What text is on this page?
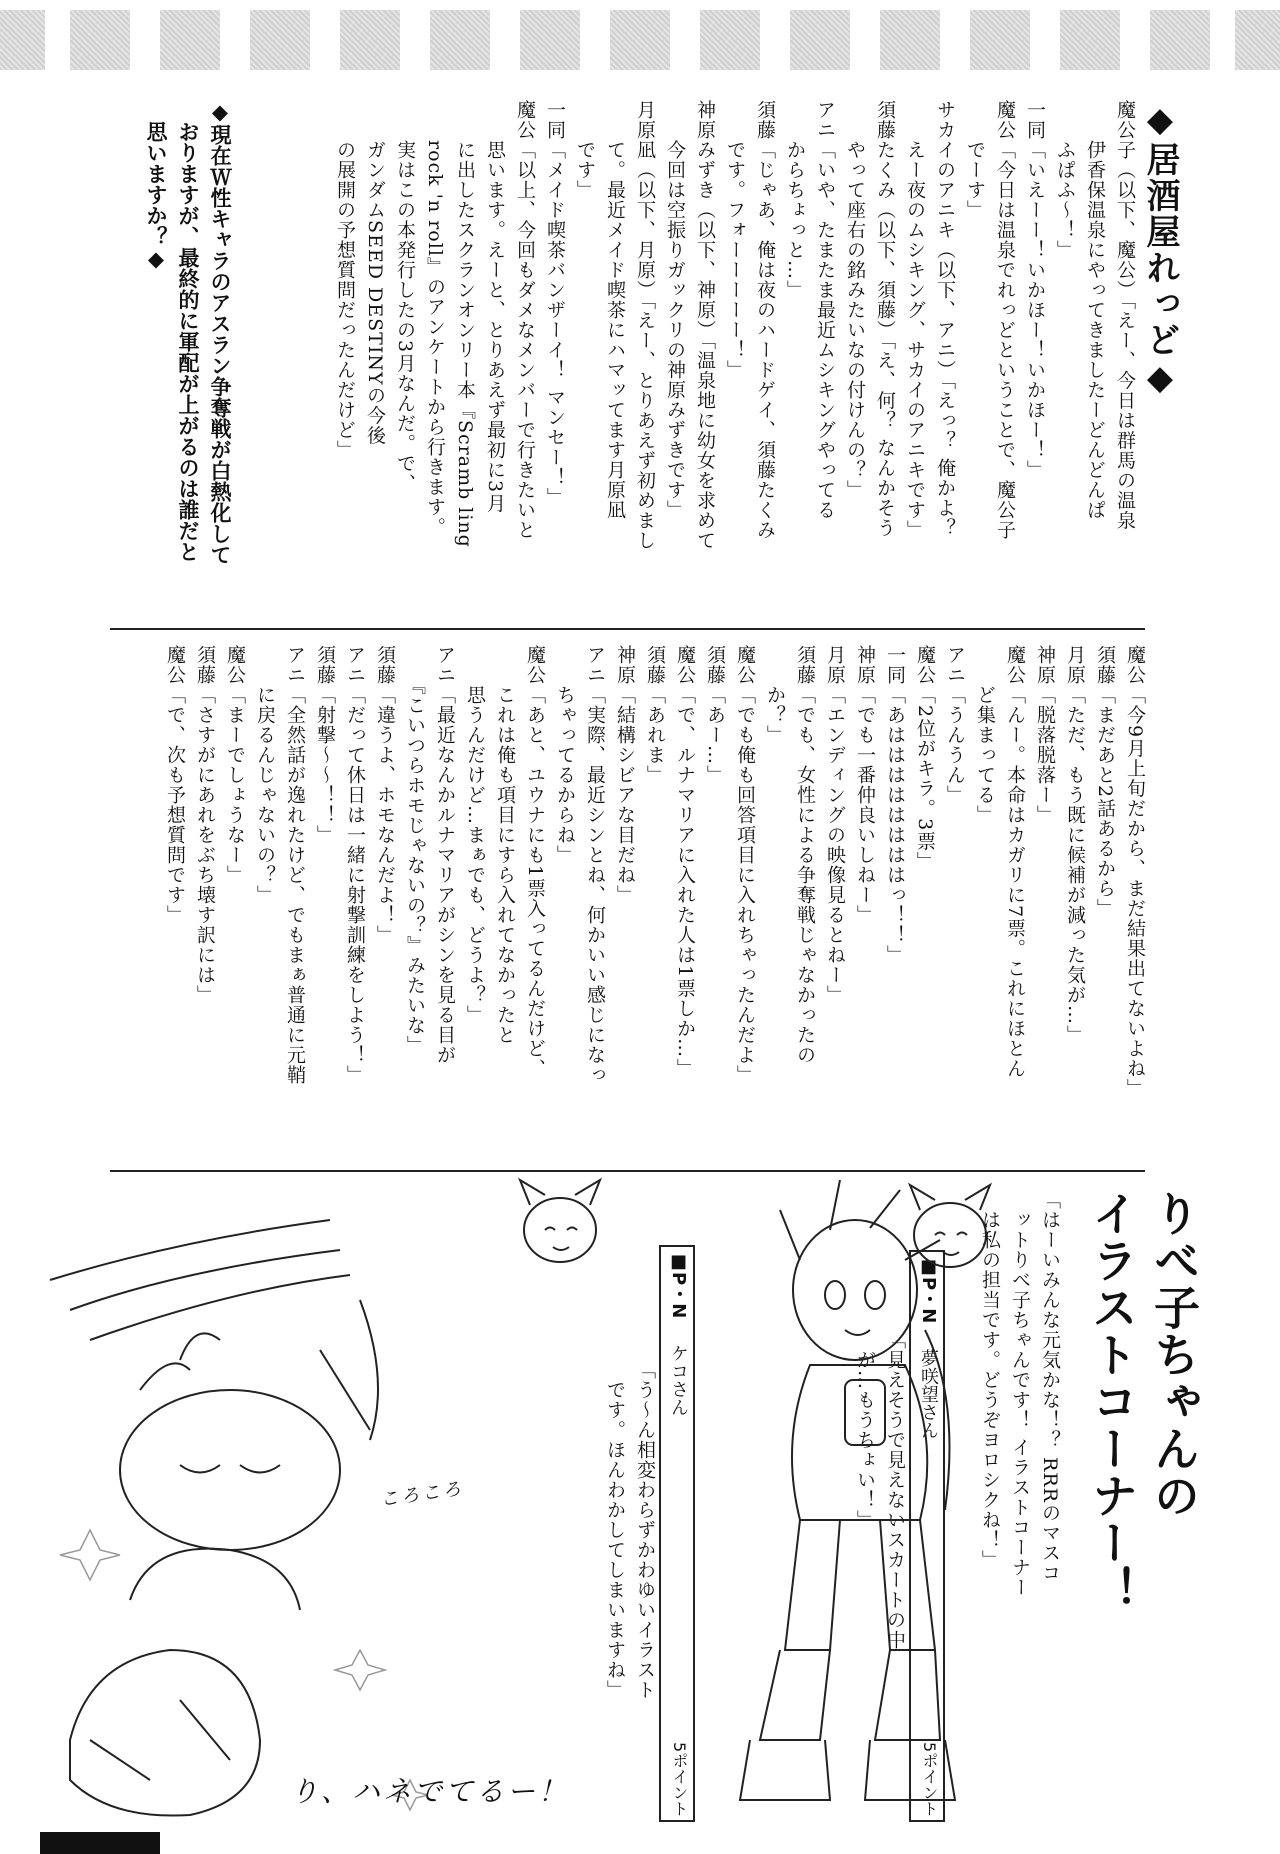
◆居酒屋れっど◆
魔公子（以下、魔公）「えー、今日は群馬の温泉
　　伊香保温泉にやってきましたーどんどんぱ
　　ふぱふ〜！」
一同「いえーー！いかほー！いかほー！」
魔公「今日は温泉でれっどということで、魔公子
　　でーす」
サカイのアニキ（以下、アニ）「えっ？ 俺かよ？
　　えー夜のムシキング、サカイのアニキです」
須藤たくみ（以下、須藤）「え、何？ なんかそう
　　やって座右の銘みたいなの付けんの？」
アニ「いや、たまたま最近ムシキングやってる
　　からちょっと…」
須藤「じゃあ、俺は夜のハードゲイ、須藤たくみ
　　です。フォーーーーー！」
神原みずき（以下、神原）「温泉地に幼女を求めて
　　今回は空振りガックリの神原みずきです」
月原凪（以下、月原）「えー、とりあえず初めまし
　　て。最近メイド喫茶にハマッてます月原凪
　　です」
一同「メイド喫茶バンザーイ！ マンセー！」
魔公「以上、今回もダメなメンバーで行きたいと
　　思います。えーと、とりあえず最初に3月
　　に出したスクランオンリー本『Scramb ling
　　rock 'n roll』のアンケートから行きます。
　　実はこの本発行したの3月なんだ。で、
　　ガンダムSEED DESTINYの今後
　　の展開の予想質問だったんだけど」
◆現在Ｗ性キャラのアスラン争奪戦が白熱化して
　おりますが、最終的に軍配が上がるのは誰だと
　思いますか？◆
魔公「今9月上旬だから、まだ結果出てないよね」
須藤「まだあと2話あるから」
月原「ただ、もう既に候補が減った気が…」
神原「脱落脱落ー」
魔公「んー。本命はカガリに7票。これにほとん
　　ど集まってる」
アニ「うんうん」
魔公「2位がキラ。3票」
一同「あははははははははっ！！」
神原「でも一番仲良いしねー」
月原「エンディングの映像見るとねー」
須藤「でも、女性による争奪戦じゃなかったの
　　か？」
魔公「でも俺も回答項目に入れちゃったんだよ」
須藤「あー…」
魔公「で、ルナマリアに入れた人は1票しか…」
須藤「あれま」
神原「結構シビアな目だね」
アニ「実際、最近シンとね、何かいい感じになっ
　　ちゃってるからね」
魔公「あと、ユウナにも1票入ってるんだけど、
　　これは俺も項目にすら入れてなかったと
　　思うんだけど…まぁでも、どうよ？」
アニ「最近なんかルナマリアがシンを見る目が
　　『こいつらホモじゃないの？』みたいな」
須藤「違うよ、ホモなんだよ！」
アニ「だって休日は一緒に射撃訓練をしよう！」
須藤「射撃〜〜！！」
アニ「全然話が逸れたけど、でもまぁ普通に元鞘
　　に戻るんじゃないの？」
魔公「まーでしょうなー」
須藤「さすがにあれをぶち壊す訳には」
魔公「で、次も予想質問です」
りべ子ちゃんの
イラストコーナー！
「はーいみんな元気かな！？ RRRのマスコ
　ットりべ子ちゃんです！ イラストコーナー
　は私の担当です。どうぞヨロシクね！」
■P・N 夢咲望さん
5ポイント
「見えそうで見えないスカートの中
　が…もうちょい！」
■P・N ケコさん
5ポイント
「う〜ん相変わらずかわゆいイラスト
　です。ほんわかしてしまいますね」
り、ハネでてるー！
ころころ
